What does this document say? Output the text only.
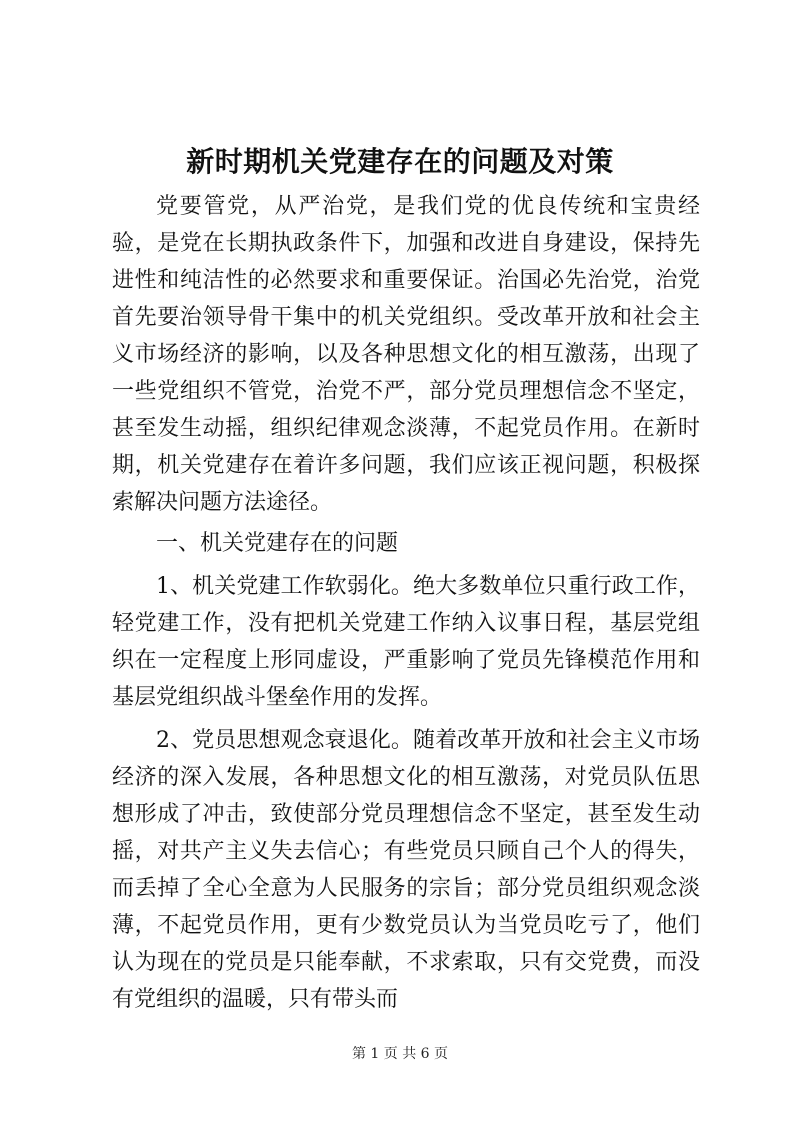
新时期机关党建存在的问题及对策

党要管党，从严治党，是我们党的优良传统和宝贵经验，是党在长期执政条件下，加强和改进自身建设，保持先进性和纯洁性的必然要求和重要保证。治国必先治党，治党首先要治领导骨干集中的机关党组织。受改革开放和社会主义市场经济的影响，以及各种思想文化的相互激荡，出现了一些党组织不管党，治党不严，部分党员理想信念不坚定，甚至发生动摇，组织纪律观念淡薄，不起党员作用。在新时期，机关党建存在着许多问题，我们应该正视问题，积极探索解决问题方法途径。

一、机关党建存在的问题

1、机关党建工作软弱化。绝大多数单位只重行政工作，轻党建工作，没有把机关党建工作纳入议事日程，基层党组织在一定程度上形同虚设，严重影响了党员先锋模范作用和基层党组织战斗堡垒作用的发挥。

2、党员思想观念衰退化。随着改革开放和社会主义市场经济的深入发展，各种思想文化的相互激荡，对党员队伍思想形成了冲击，致使部分党员理想信念不坚定，甚至发生动摇，对共产主义失去信心；有些党员只顾自己个人的得失，而丢掉了全心全意为人民服务的宗旨；部分党员组织观念淡薄，不起党员作用，更有少数党员认为当党员吃亏了，他们认为现在的党员是只能奉献，不求索取，只有交党费，而没有党组织的温暖，只有带头而

第 1 页 共 6 页
